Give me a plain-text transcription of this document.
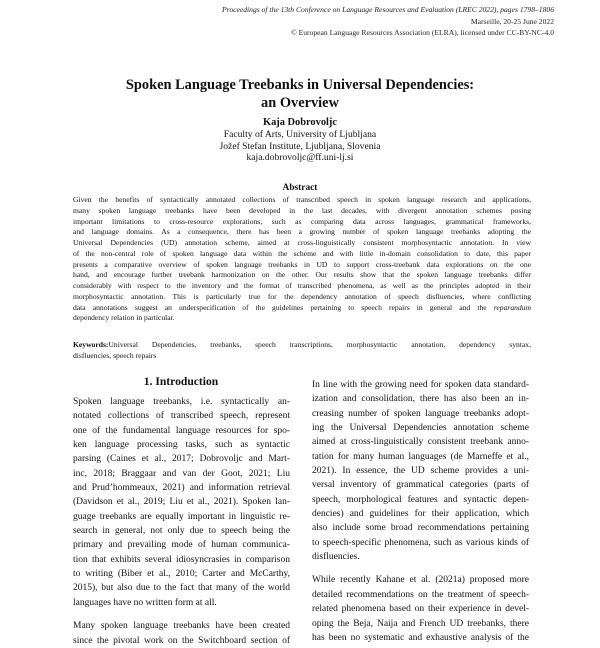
Proceedings of the 13th Conference on Language Resources and Evaluation (LREC 2022), pages 1798–1806
Marseille, 20-25 June 2022
© European Language Resources Association (ELRA), licensed under CC-BY-NC-4.0
Spoken Language Treebanks in Universal Dependencies:
an Overview
Kaja Dobrovoljc
Faculty of Arts, University of Ljubljana
Jožef Stefan Institute, Ljubljana, Slovenia
kaja.dobrovoljc@ff.uni-lj.si
Abstract
Given the benefits of syntactically annotated collections of transcribed speech in spoken language research and applications,
many spoken language treebanks have been developed in the last decades, with divergent annotation schemes posing
important limitations to cross-resource explorations, such as comparing data across languages, grammatical frameworks,
and language domains. As a consequence, there has been a growing number of spoken language treebanks adopting the
Universal Dependencies (UD) annotation scheme, aimed at cross-linguistically consistent morphosyntactic annotation. In view
of the non-central role of spoken language data within the scheme and with little in-domain consolidation to date, this paper
presents a comparative overview of spoken language treebanks in UD to support cross-treebank data explorations on the one
hand, and encourage further treebank harmonization on the other. Our results show that the spoken language treebanks differ
considerably with respect to the inventory and the format of transcribed phenomena, as well as the principles adopted in their
morphosyntactic annotation. This is particularly true for the dependency annotation of speech disfluencies, where conflicting
data annotations suggest an underspecification of the guidelines pertaining to speech repairs in general and the reparandum
dependency relation in particular.
Keywords:Universal Dependencies, treebanks, speech transcriptions, morphosyntactic annotation, dependency syntax,
disfluencies, speech repairs
1. Introduction
Spoken language treebanks, i.e. syntactically an-
notated collections of transcribed speech, represent
one of the fundamental language resources for spo-
ken language processing tasks, such as syntactic
parsing (Caines et al., 2017; Dobrovoljc and Mart-
inc, 2018; Braggaar and van der Goot, 2021; Liu
and Prud’hommeaux, 2021) and information retrieval
(Davidson et al., 2019; Liu et al., 2021). Spoken lan-
guage treebanks are equally important in linguistic re-
search in general, not only due to speech being the
primary and prevailing mode of human communica-
tion that exhibits several idiosyncrasies in comparison
to writing (Biber et al., 2010; Carter and McCarthy,
2015), but also due to the fact that many of the world
languages have no written form at all.
Many spoken language treebanks have been created
since the pivotal work on the Switchboard section of
In line with the growing need for spoken data standard-
ization and consolidation, there has also been an in-
creasing number of spoken language treebanks adopt-
ing the Universal Dependencies annotation scheme
aimed at cross-linguistically consistent treebank anno-
tation for many human languages (de Marneffe et al.,
2021). In essence, the UD scheme provides a uni-
versal inventory of grammatical categories (parts of
speech, morphological features and syntactic depen-
dencies) and guidelines for their application, which
also include some broad recommendations pertaining
to speech-specific phenomena, such as various kinds of
disfluencies.
While recently Kahane et al. (2021a) proposed more
detailed recommendations on the treatment of speech-
related phenomena based on their experience in devel-
oping the Beja, Naija and French UD treebanks, there
has been no systematic and exhaustive analysis of the
